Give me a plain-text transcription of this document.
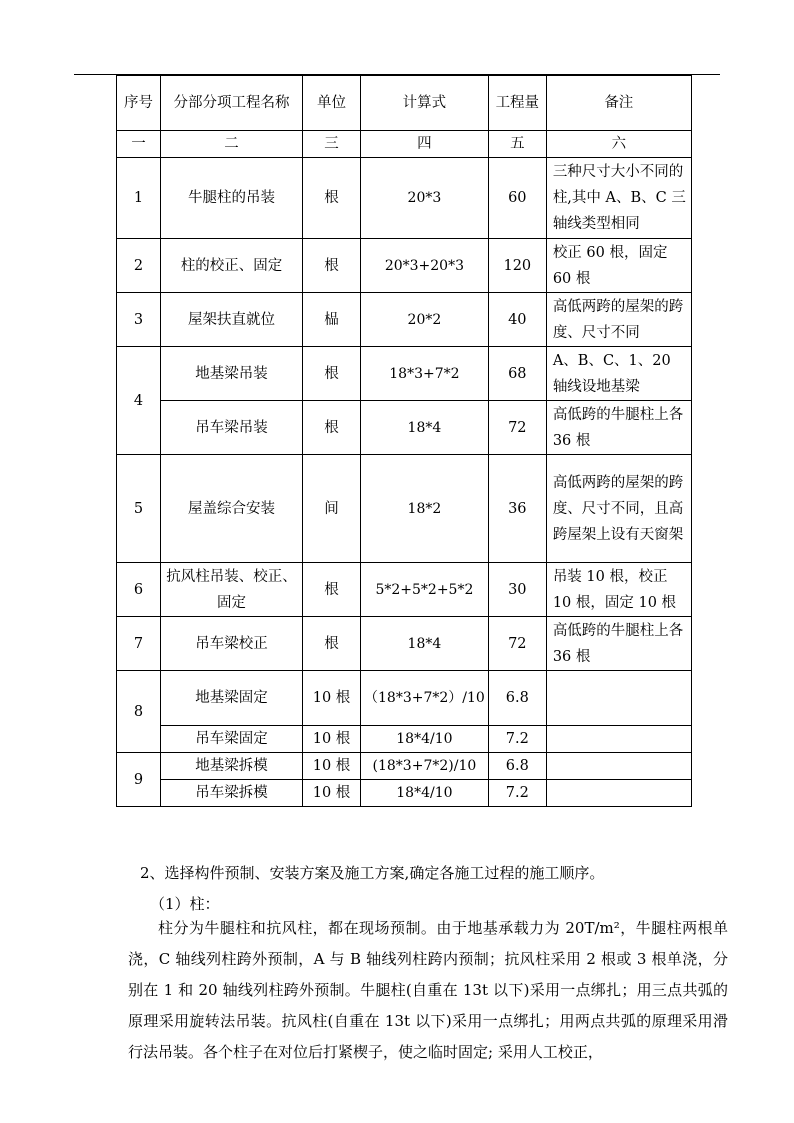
序号	分部分项工程名称	单位	计算式	工程量	备注
一	二	三	四	五	六
1	牛腿柱的吊装	根	20*3	60	三种尺寸大小不同的柱,其中 A、B、C 三轴线类型相同
2	柱的校正、固定	根	20*3+20*3	120	校正 60 根，固定 60 根
3	屋架扶直就位	榀	20*2	40	高低两跨的屋架的跨度、尺寸不同
4	地基梁吊装	根	18*3+7*2	68	A、B、C、1、20 轴线设地基梁
	吊车梁吊装	根	18*4	72	高低跨的牛腿柱上各 36 根
5	屋盖综合安装	间	18*2	36	高低两跨的屋架的跨度、尺寸不同，且高跨屋架上设有天窗架
6	抗风柱吊装、校正、固定	根	5*2+5*2+5*2	30	吊装 10 根，校正 10 根，固定 10 根
7	吊车梁校正	根	18*4	72	高低跨的牛腿柱上各 36 根
8	地基梁固定	10 根	（18*3+7*2）/10	6.8	
	吊车梁固定	10 根	18*4/10	7.2	
9	地基梁拆模	10 根	(18*3+7*2)/10	6.8	
	吊车梁拆模	10 根	18*4/10	7.2	

2、选择构件预制、安装方案及施工方案,确定各施工过程的施工顺序。

（1）柱：

柱分为牛腿柱和抗风柱，都在现场预制。由于地基承载力为 20T/m²，牛腿柱两根单浇，C 轴线列柱跨外预制，A 与 B 轴线列柱跨内预制；抗风柱采用 2 根或 3 根单浇，分别在 1 和 20 轴线列柱跨外预制。牛腿柱(自重在 13t 以下)采用一点绑扎；用三点共弧的原理采用旋转法吊装。抗风柱(自重在 13t 以下)采用一点绑扎；用两点共弧的原理采用滑行法吊装。各个柱子在对位后打紧楔子，使之临时固定; 采用人工校正，
